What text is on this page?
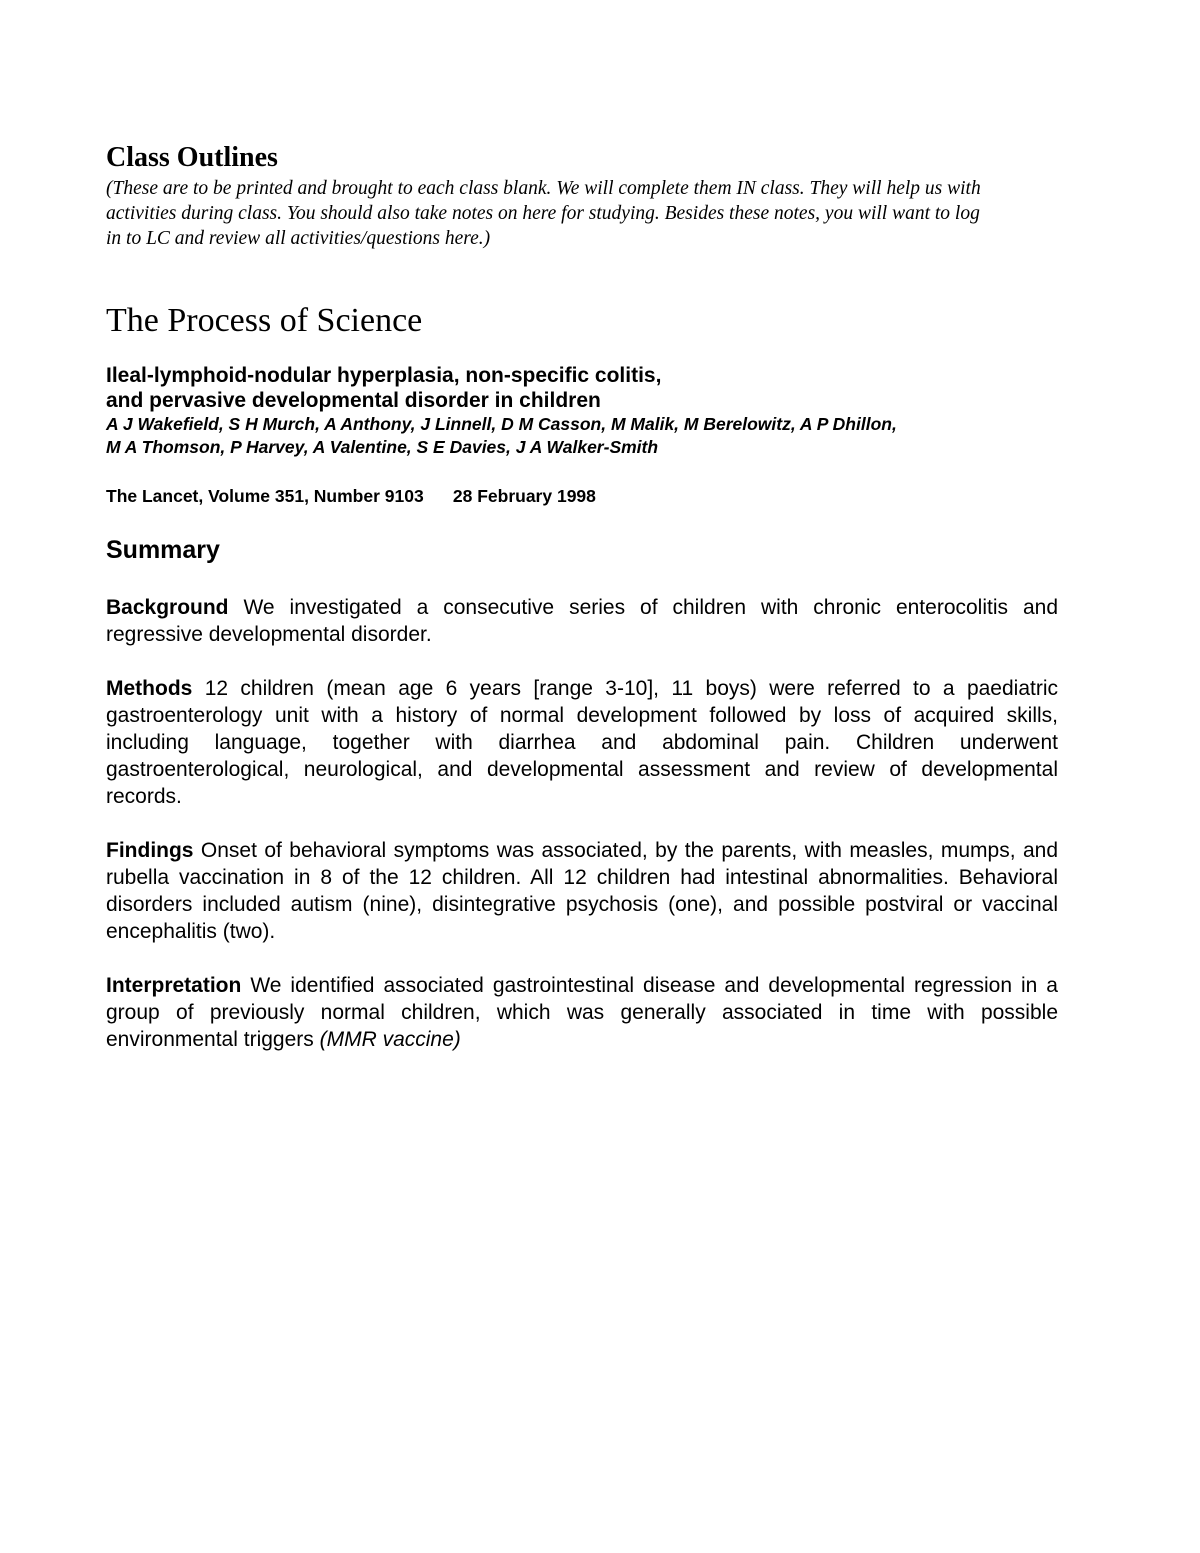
Class Outlines

(These are to be printed and brought to each class blank. We will complete them IN class. They will help us with
activities during class. You should also take notes on here for studying. Besides these notes, you will want to log
in to LC and review all activities/questions here.)

The Process of Science
Ileal-lymphoid-nodular hyperplasia, non-specific colitis,
and pervasive developmental disorder in children
A J Wakefield, S H Murch, A Anthony, J Linnell, D M Casson, M Malik, M Berelowitz, A P Dhillon,
M A Thomson, P Harvey, A Valentine, S E Davies, J A Walker-Smith
The Lancet, Volume 351, Number 9103      28 February 1998
Summary

Background We investigated a consecutive series of children with chronic enterocolitis and regressive developmental disorder.

Methods 12 children (mean age 6 years [range 3-10], 11 boys) were referred to a paediatric gastroenterology unit with a history of normal development followed by loss of acquired skills, including language, together with diarrhea and abdominal pain. Children underwent gastroenterological, neurological, and developmental assessment and review of developmental records.

Findings Onset of behavioral symptoms was associated, by the parents, with measles, mumps, and rubella vaccination in 8 of the 12 children. All 12 children had intestinal abnormalities. Behavioral disorders included autism (nine), disintegrative psychosis (one), and possible postviral or vaccinal encephalitis (two).

Interpretation We identified associated gastrointestinal disease and developmental regression in a group of previously normal children, which was generally associated in time with possible environmental triggers (MMR vaccine)
